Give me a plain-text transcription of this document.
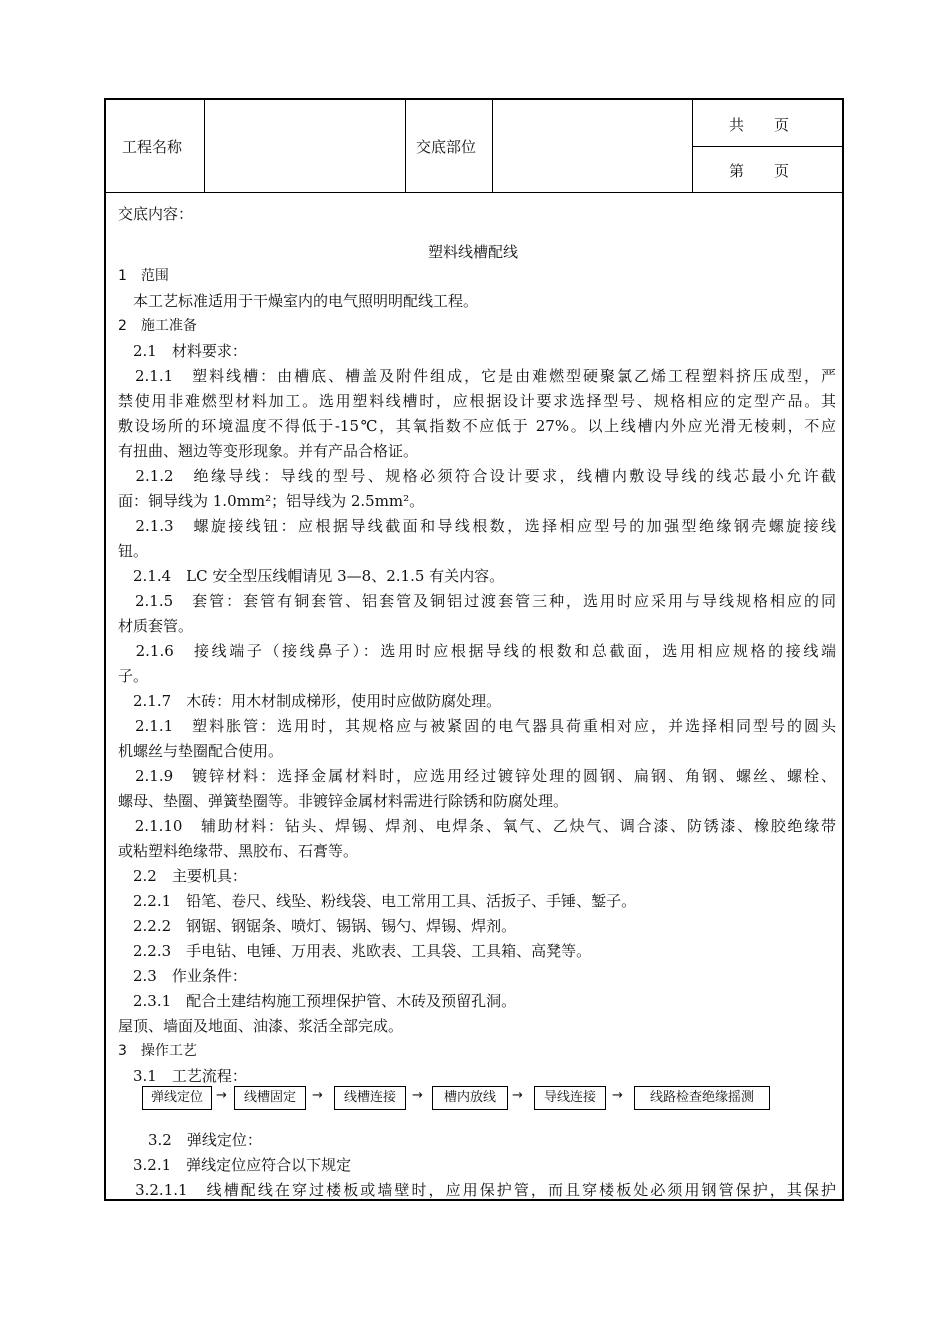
工程名称	交底部位
共　　页
第　　页
交底内容：
塑料线槽配线
1　范围
　本工艺标准适用于干燥室内的电气照明明配线工程。
2　施工准备
　2.1　材料要求：
　2.1.1　塑料线槽：由槽底、槽盖及附件组成，它是由难燃型硬聚氯乙烯工程塑料挤压成型，严
禁使用非难燃型材料加工。选用塑料线槽时，应根据设计要求选择型号、规格相应的定型产品。其
敷设场所的环境温度不得低于-15℃，其氧指数不应低于 27%。以上线槽内外应光滑无棱刺，不应
有扭曲、翘边等变形现象。并有产品合格证。
　2.1.2　绝缘导线：导线的型号、规格必须符合设计要求，线槽内敷设导线的线芯最小允许截
面：铜导线为 1.0mm²；铝导线为 2.5mm²。
　2.1.3　螺旋接线钮：应根据导线截面和导线根数，选择相应型号的加强型绝缘钢壳螺旋接线
钮。
　2.1.4　LC 安全型压线帽请见 3—8、2.1.5 有关内容。
　2.1.5　套管：套管有铜套管、铝套管及铜铝过渡套管三种，选用时应采用与导线规格相应的同
材质套管。
　2.1.6　接线端子（接线鼻子）：选用时应根据导线的根数和总截面，选用相应规格的接线端
子。
　2.1.7　木砖：用木材制成梯形，使用时应做防腐处理。
　2.1.1　塑料胀管：选用时，其规格应与被紧固的电气器具荷重相对应，并选择相同型号的圆头
机螺丝与垫圈配合使用。
　2.1.9　镀锌材料：选择金属材料时，应选用经过镀锌处理的圆钢、扁钢、角钢、螺丝、螺栓、
螺母、垫圈、弹簧垫圈等。非镀锌金属材料需进行除锈和防腐处理。
　2.1.10　辅助材料：钻头、焊锡、焊剂、电焊条、氧气、乙炔气、调合漆、防锈漆、橡胶绝缘带
或粘塑料绝缘带、黑胶布、石膏等。
　2.2　主要机具：
　2.2.1　铅笔、卷尺、线坠、粉线袋、电工常用工具、活扳子、手锤、錾子。
　2.2.2　钢锯、钢锯条、喷灯、锡锅、锡勺、焊锡、焊剂。
　2.2.3　手电钻、电锤、万用表、兆欧表、工具袋、工具箱、高凳等。
　2.3　作业条件：
　2.3.1　配合土建结构施工预埋保护管、木砖及预留孔洞。
屋顶、墙面及地面、油漆、浆活全部完成。
3　操作工艺
　3.1　工艺流程：
弹线定位	→	线槽固定	→	线槽连接	→	槽内放线	→	导线连接	→	线路检查绝缘摇测
　　3.2　弹线定位：
　3.2.1　弹线定位应符合以下规定
　3.2.1.1　线槽配线在穿过楼板或墙壁时，应用保护管，而且穿楼板处必须用钢管保护，其保护
